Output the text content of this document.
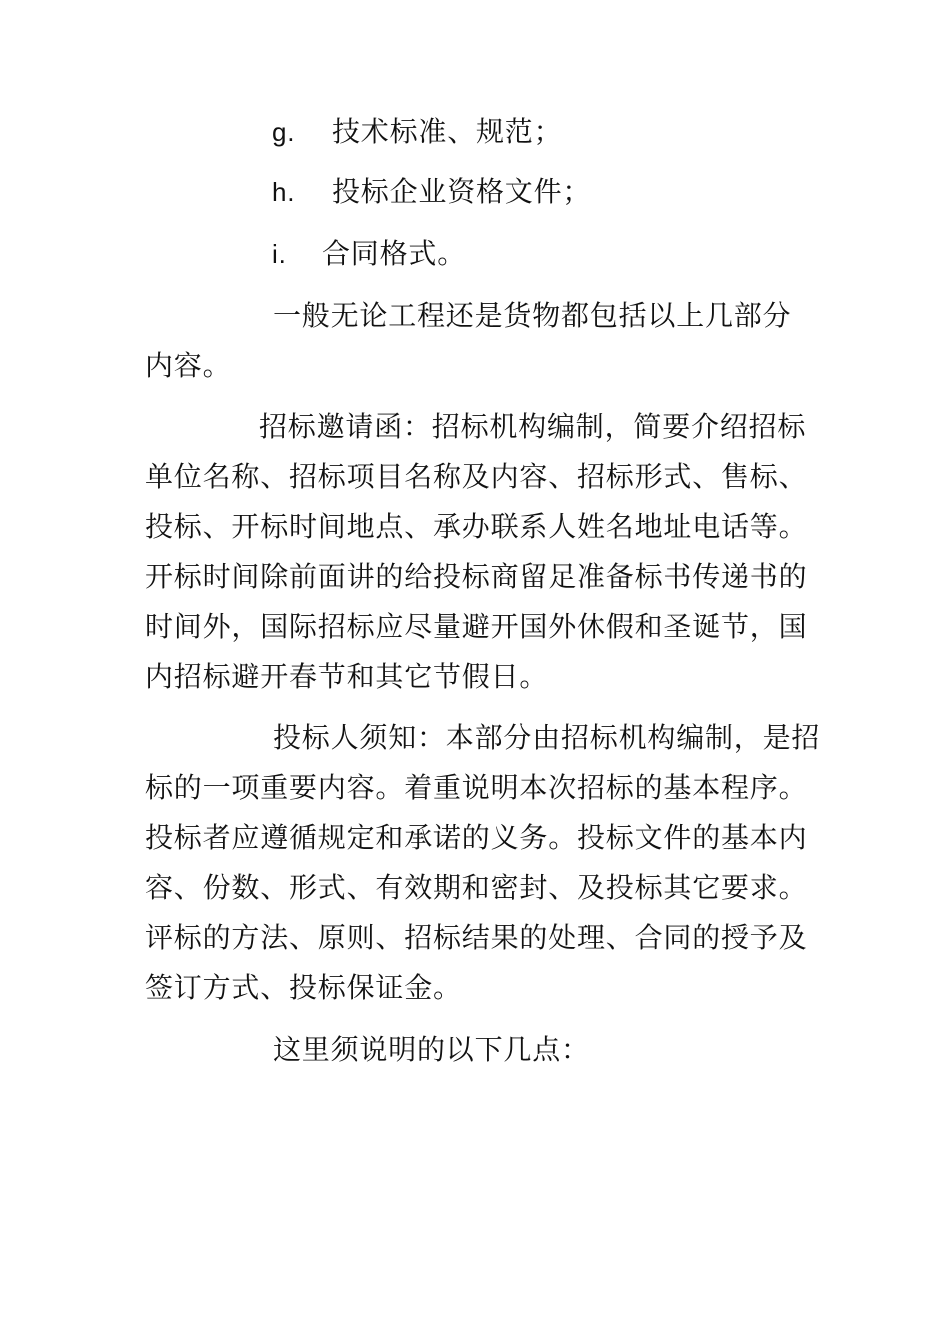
g. 技术标准、规范；
h. 投标企业资格文件；
i. 合同格式。
一般无论工程还是货物都包括以上几部分
内容。
招标邀请函：招标机构编制，简要介绍招标
单位名称、招标项目名称及内容、招标形式、售标、
投标、开标时间地点、承办联系人姓名地址电话等。
开标时间除前面讲的给投标商留足准备标书传递书的
时间外，国际招标应尽量避开国外休假和圣诞节，国
内招标避开春节和其它节假日。
投标人须知：本部分由招标机构编制，是招
标的一项重要内容。着重说明本次招标的基本程序。
投标者应遵循规定和承诺的义务。投标文件的基本内
容、份数、形式、有效期和密封、及投标其它要求。
评标的方法、原则、招标结果的处理、合同的授予及
签订方式、投标保证金。
这里须说明的以下几点：
